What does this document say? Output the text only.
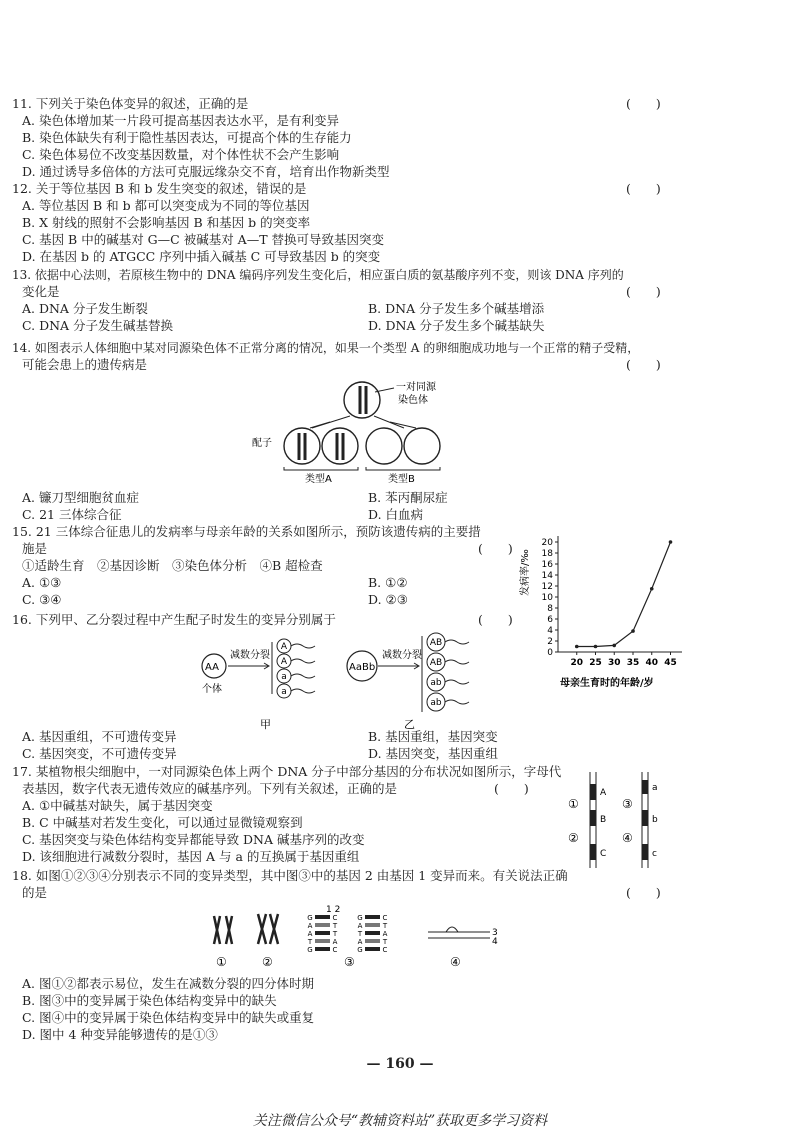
11. 下列关于染色体变异的叙述，正确的是	(　　)
A. 染色体增加某一片段可提高基因表达水平，是有利变异
B. 染色体缺失有利于隐性基因表达，可提高个体的生存能力
C. 染色体易位不改变基因数量，对个体性状不会产生影响
D. 通过诱导多倍体的方法可克服远缘杂交不育，培育出作物新类型
12. 关于等位基因 B 和 b 发生突变的叙述，错误的是	(　　)
A. 等位基因 B 和 b 都可以突变成为不同的等位基因
B. X 射线的照射不会影响基因 B 和基因 b 的突变率
C. 基因 B 中的碱基对 G—C 被碱基对 A—T 替换可导致基因突变
D. 在基因 b 的 ATGCC 序列中插入碱基 C 可导致基因 b 的突变
13. 依据中心法则，若原核生物中的 DNA 编码序列发生变化后，相应蛋白质的氨基酸序列不变，则该 DNA 序列的
变化是	(　　)
A. DNA 分子发生断裂	B. DNA 分子发生多个碱基增添
C. DNA 分子发生碱基替换	D. DNA 分子发生多个碱基缺失
14. 如图表示人体细胞中某对同源染色体不正常分离的情况，如果一个类型 A 的卵细胞成功地与一个正常的精子受精，
可能会患上的遗传病是	(　　)
一对同源
染色体
配子
类型A	类型B
A. 镰刀型细胞贫血症	B. 苯丙酮尿症
C. 21 三体综合征	D. 白血病
15. 21 三体综合征患儿的发病率与母亲年龄的关系如图所示，预防该遗传病的主要措
施是	(　　)
①适龄生育　②基因诊断　③染色体分析　④B 超检查
A. ①③	B. ①②
C. ③④	D. ②③
发病率/‰
母亲生育时的年龄/岁
0
2
4
6
8
10
12
14
16
18
20
20 25 30 35 40 45
16. 下列甲、乙分裂过程中产生配子时发生的变异分别属于	(　　)
AA
个体
减数分裂
A
A
a
a
AaBb
减数分裂
AB
AB
ab
ab
甲	乙
A. 基因重组，不可遗传变异	B. 基因重组，基因突变
C. 基因突变，不可遗传变异	D. 基因突变，基因重组
17. 某植物根尖细胞中，一对同源染色体上两个 DNA 分子中部分基因的分布状况如图所示，字母代
表基因，数字代表无遗传效应的碱基序列。下列有关叙述，正确的是	(　　)
A. ①中碱基对缺失，属于基因突变
B. C 中碱基对若发生变化，可以通过显微镜观察到
C. 基因突变与染色体结构变异都能导致 DNA 碱基序列的改变
D. 该细胞进行减数分裂时，基因 A 与 a 的互换属于基因重组
①
②
③
④
A
B
C
a
b
c
18. 如图①②③④分别表示不同的变异类型，其中图③中的基因 2 由基因 1 变异而来。有关说法正确
的是	(　　)
1 2
G
A
A
T
G
C
T
T
A
C
G
A
T
A
G
C
T
A
T
C
3
4
①	②	③	④
A. 图①②都表示易位，发生在减数分裂的四分体时期
B. 图③中的变异属于染色体结构变异中的缺失
C. 图④中的变异属于染色体结构变异中的缺失或重复
D. 图中 4 种变异能够遗传的是①③
— 160 —
关注微信公众号“教辅资料站”获取更多学习资料
